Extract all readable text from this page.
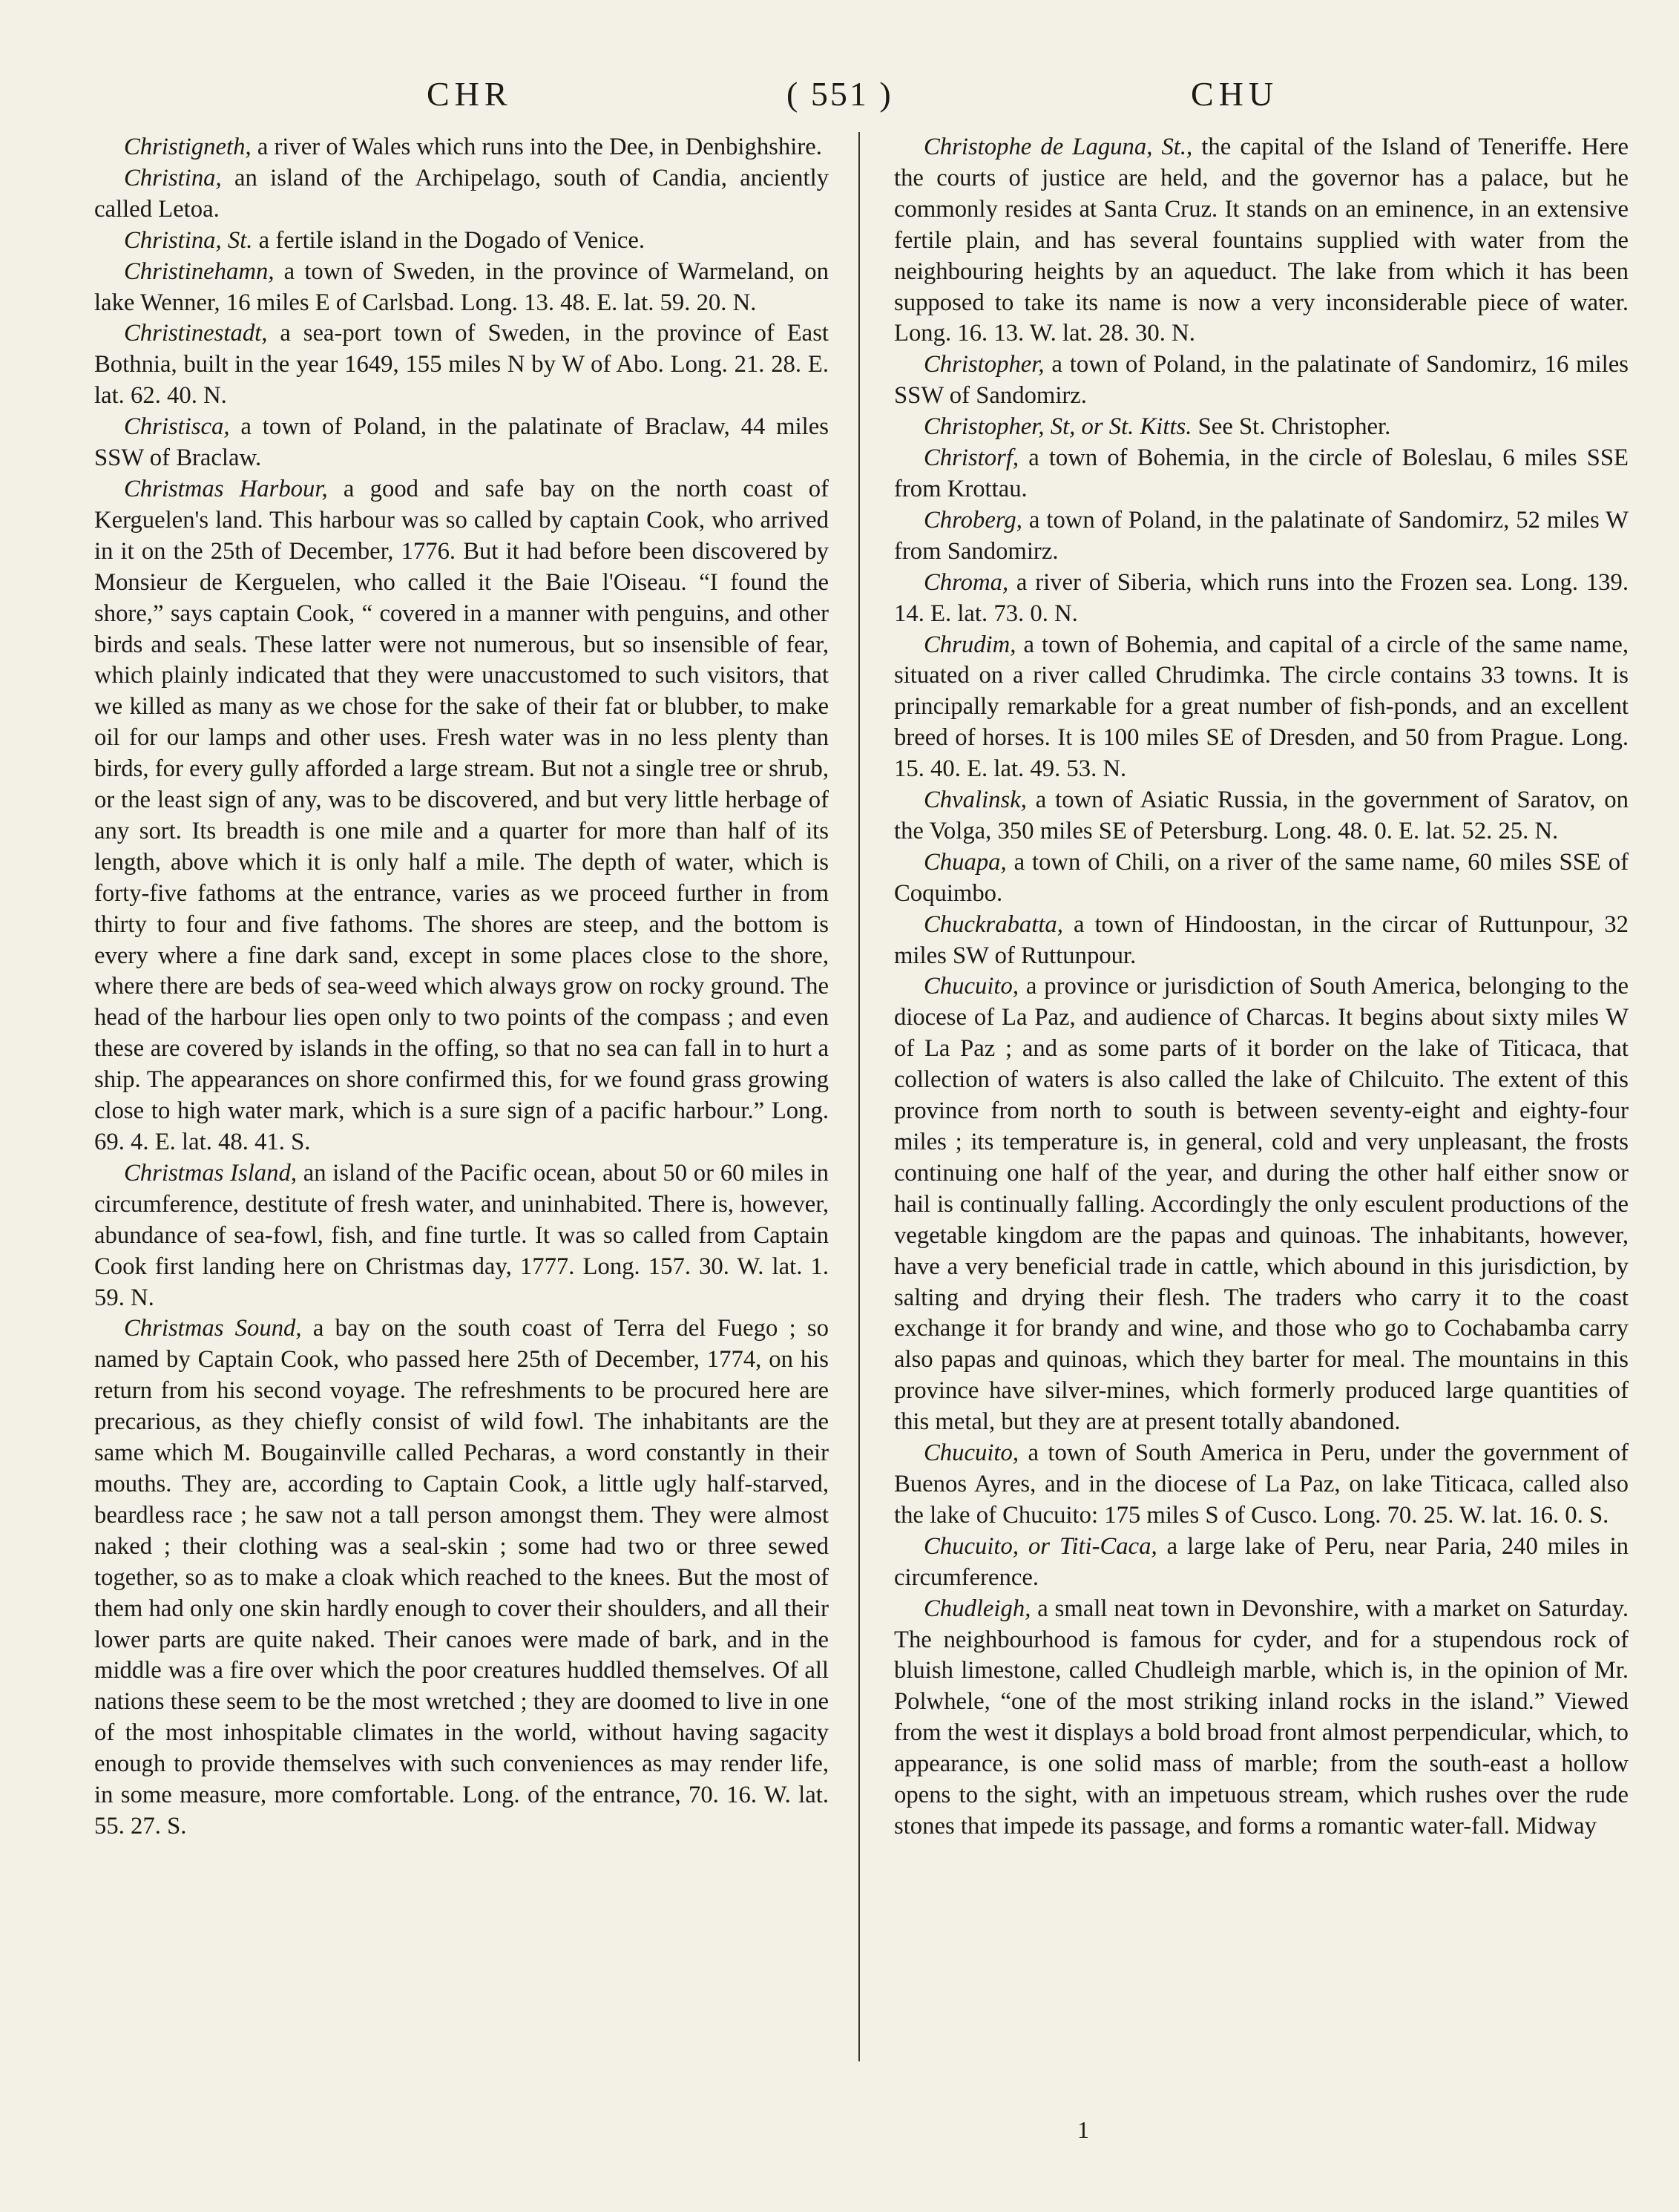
CHR	( 551 )	CHU

Christigneth, a river of Wales which runs into the Dee, in Denbighshire.

Christina, an island of the Archipelago, south of Candia, anciently called Letoa.

Christina, St. a fertile island in the Dogado of Venice.

Christinehamn, a town of Sweden, in the province of Warmeland, on lake Wenner, 16 miles E of Carlsbad. Long. 13. 48. E. lat. 59. 20. N.

Christinestadt, a sea-port town of Sweden, in the province of East Bothnia, built in the year 1649, 155 miles N by W of Abo. Long. 21. 28. E. lat. 62. 40. N.

Christisca, a town of Poland, in the palatinate of Braclaw, 44 miles SSW of Braclaw.

Christmas Harbour, a good and safe bay on the north coast of Kerguelen's land. This harbour was so called by captain Cook, who arrived in it on the 25th of December, 1776. But it had before been discovered by Monsieur de Kerguelen, who called it the Baie l'Oiseau. “I found the shore,” says captain Cook, “ covered in a manner with penguins, and other birds and seals. These latter were not numerous, but so insensible of fear, which plainly indicated that they were unaccustomed to such visitors, that we killed as many as we chose for the sake of their fat or blubber, to make oil for our lamps and other uses. Fresh water was in no less plenty than birds, for every gully afforded a large stream. But not a single tree or shrub, or the least sign of any, was to be discovered, and but very little herbage of any sort. Its breadth is one mile and a quarter for more than half of its length, above which it is only half a mile. The depth of water, which is forty-five fathoms at the entrance, varies as we proceed further in from thirty to four and five fathoms. The shores are steep, and the bottom is every where a fine dark sand, except in some places close to the shore, where there are beds of sea-weed which always grow on rocky ground. The head of the harbour lies open only to two points of the compass ; and even these are covered by islands in the offing, so that no sea can fall in to hurt a ship. The appearances on shore confirmed this, for we found grass growing close to high water mark, which is a sure sign of a pacific harbour.” Long. 69. 4. E. lat. 48. 41. S.

Christmas Island, an island of the Pacific ocean, about 50 or 60 miles in circumference, destitute of fresh water, and uninhabited. There is, however, abundance of sea-fowl, fish, and fine turtle. It was so called from Captain Cook first landing here on Christmas day, 1777. Long. 157. 30. W. lat. 1. 59. N.

Christmas Sound, a bay on the south coast of Terra del Fuego ; so named by Captain Cook, who passed here 25th of December, 1774, on his return from his second voyage. The refreshments to be procured here are precarious, as they chiefly consist of wild fowl. The inhabitants are the same which M. Bougainville called Pecharas, a word constantly in their mouths. They are, according to Captain Cook, a little ugly half-starved, beardless race ; he saw not a tall person amongst them. They were almost naked ; their clothing was a seal-skin ; some had two or three sewed together, so as to make a cloak which reached to the knees. But the most of them had only one skin hardly enough to cover their shoulders, and all their lower parts are quite naked. Their canoes were made of bark, and in the middle was a fire over which the poor creatures huddled themselves. Of all nations these seem to be the most wretched ; they are doomed to live in one of the most inhospitable climates in the world, without having sagacity enough to provide themselves with such conveniences as may render life, in some measure, more comfortable. Long. of the entrance, 70. 16. W. lat. 55. 27. S.

Christophe de Laguna, St., the capital of the Island of Teneriffe. Here the courts of justice are held, and the governor has a palace, but he commonly resides at Santa Cruz. It stands on an eminence, in an extensive fertile plain, and has several fountains supplied with water from the neighbouring heights by an aqueduct. The lake from which it has been supposed to take its name is now a very inconsiderable piece of water. Long. 16. 13. W. lat. 28. 30. N.

Christopher, a town of Poland, in the palatinate of Sandomirz, 16 miles SSW of Sandomirz.

Christopher, St, or St. Kitts. See St. Christopher.

Christorf, a town of Bohemia, in the circle of Boleslau, 6 miles SSE from Krottau.

Chroberg, a town of Poland, in the palatinate of Sandomirz, 52 miles W from Sandomirz.

Chroma, a river of Siberia, which runs into the Frozen sea. Long. 139. 14. E. lat. 73. 0. N.

Chrudim, a town of Bohemia, and capital of a circle of the same name, situated on a river called Chrudimka. The circle contains 33 towns. It is principally remarkable for a great number of fish-ponds, and an excellent breed of horses. It is 100 miles SE of Dresden, and 50 from Prague. Long. 15. 40. E. lat. 49. 53. N.

Chvalinsk, a town of Asiatic Russia, in the government of Saratov, on the Volga, 350 miles SE of Petersburg. Long. 48. 0. E. lat. 52. 25. N.

Chuapa, a town of Chili, on a river of the same name, 60 miles SSE of Coquimbo.

Chuckrabatta, a town of Hindoostan, in the circar of Ruttunpour, 32 miles SW of Ruttunpour.

Chucuito, a province or jurisdiction of South America, belonging to the diocese of La Paz, and audience of Charcas. It begins about sixty miles W of La Paz ; and as some parts of it border on the lake of Titicaca, that collection of waters is also called the lake of Chilcuito. The extent of this province from north to south is between seventy-eight and eighty-four miles ; its temperature is, in general, cold and very unpleasant, the frosts continuing one half of the year, and during the other half either snow or hail is continually falling. Accordingly the only esculent productions of the vegetable kingdom are the papas and quinoas. The inhabitants, however, have a very beneficial trade in cattle, which abound in this jurisdiction, by salting and drying their flesh. The traders who carry it to the coast exchange it for brandy and wine, and those who go to Cochabamba carry also papas and quinoas, which they barter for meal. The mountains in this province have silver-mines, which formerly produced large quantities of this metal, but they are at present totally abandoned.

Chucuito, a town of South America in Peru, under the government of Buenos Ayres, and in the diocese of La Paz, on lake Titicaca, called also the lake of Chucuito: 175 miles S of Cusco. Long. 70. 25. W. lat. 16. 0. S.

Chucuito, or Titi-Caca, a large lake of Peru, near Paria, 240 miles in circumference.

Chudleigh, a small neat town in Devonshire, with a market on Saturday. The neighbourhood is famous for cyder, and for a stupendous rock of bluish limestone, called Chudleigh marble, which is, in the opinion of Mr. Polwhele, “one of the most striking inland rocks in the island.” Viewed from the west it displays a bold broad front almost perpendicular, which, to appearance, is one solid mass of marble; from the south-east a hollow opens to the sight, with an impetuous stream, which rushes over the rude stones that impede its passage, and forms a romantic water-fall. Midway

1
